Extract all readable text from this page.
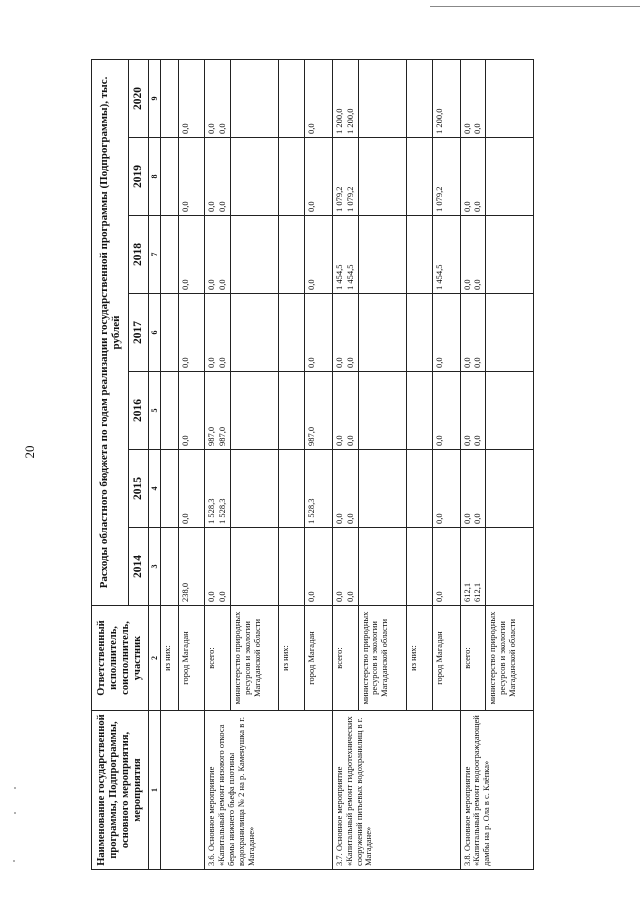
20
Наименование государственной программы, Подпрограммы, основного мероприятия, мероприятия	Ответственный исполнитель, соисполнитель, участник	Расходы областного бюджета по годам реализации государственной программы (Подпрограммы), тыс. рублей						
		2014	2015	2016	2017	2018	2019	2020
1	2	3	4	5	6	7	8	9
	из них:	

	город Магадан	238,0	0,0	0,0	0,0	0,0	0,0	0,0

3.6. Основное мероприятие «Капитальный ремонт низового откоса бермы нижнего бьефа плотины водохранилища № 2 на р. Каменушка в г. Магадане»	всего:	0,0 0,0	1 528,3 1 528,3	987,0 987,0	0,0 0,0	0,0 0,0	0,0 0,0	0,0 0,0

	министерство природных ресурсов и экологии Магаданской области	

	из них:	

	город Магадан	0,0	1 528,3	987,0	0,0	0,0	0,0	0,0

3.7. Основное мероприятие «Капитальный ремонт гидротехнических сооружений питьевых водохранилищ в г. Магадане»	всего:	0,0 0,0	0,0 0,0	0,0 0,0	0,0 0,0	1 454,5 1 454,5	1 079,2 1 079,2	1 200,0 1 200,0

	министерство природных ресурсов и экологии Магаданской области	

	из них:	

	город Магадан	0,0	0,0	0,0	0,0	1 454,5	1 079,2	1 200,0

3.8. Основное мероприятие «Капитальный ремонт водоограждающей дамбы на р. Ола в с. Клёпка»	всего:	612,1 612,1	0,0 0,0	0,0 0,0	0,0 0,0	0,0 0,0	0,0 0,0	0,0 0,0

	министерство природных ресурсов и экологии Магаданской области	
